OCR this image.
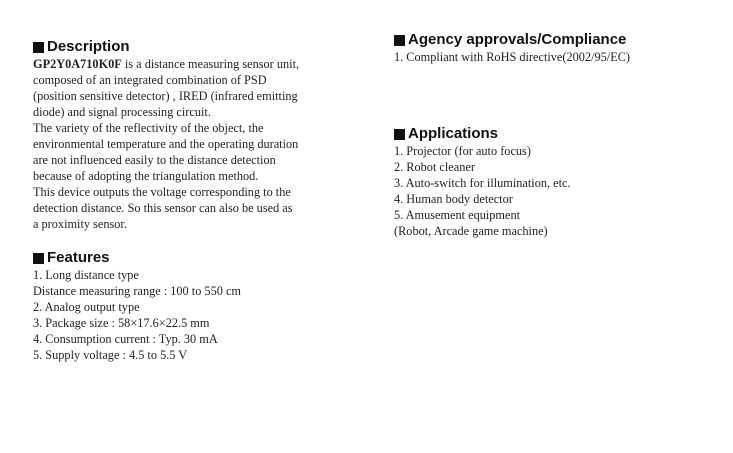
Description

GP2Y0A710K0F is a distance measuring sensor unit,

composed of an integrated combination of PSD

(position sensitive detector) , IRED (infrared emitting

diode) and signal processing circuit.

The variety of the reflectivity of the object, the

environmental temperature and the operating duration

are not influenced easily to the distance detection

because of adopting the triangulation method.

This device outputs the voltage corresponding to the

detection distance. So this sensor can also be used as

a proximity sensor.

Features
1. Long distance type
Distance measuring range : 100 to 550 cm
2. Analog output type
3. Package size : 58×17.6×22.5 mm
4. Consumption current : Typ. 30 mA
5. Supply voltage : 4.5 to 5.5 V
Agency approvals/Compliance
1. Compliant with RoHS directive(2002/95/EC)
Applications
1. Projector (for auto focus)
2. Robot cleaner
3. Auto-switch for illumination, etc.
4. Human body detector
5. Amusement equipment
(Robot, Arcade game machine)
